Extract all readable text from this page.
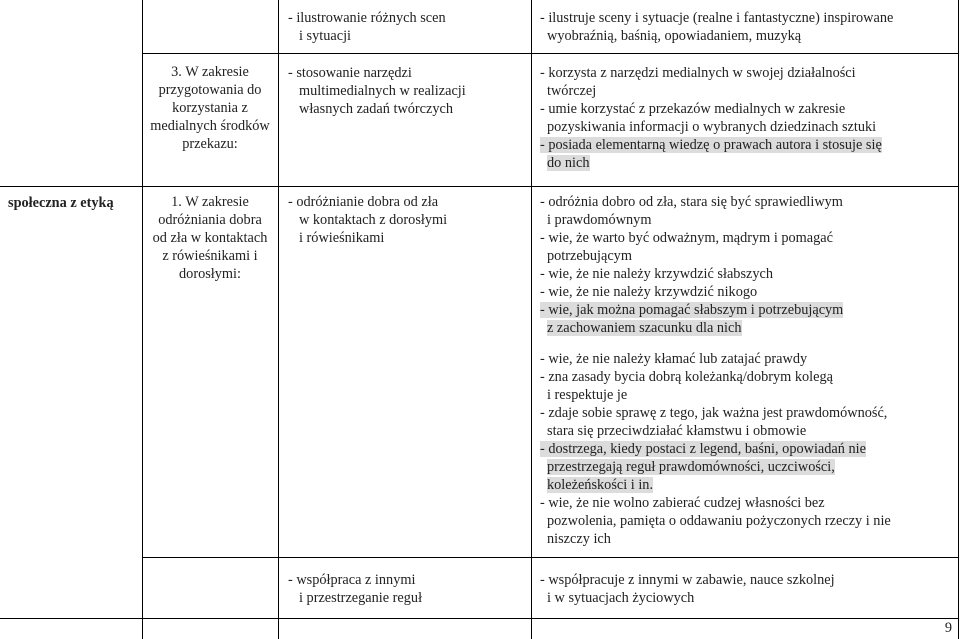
społeczna z etyką
3. W zakresie przygotowania do korzystania z medialnych środków przekazu:
1. W zakresie odróżniania dobra od zła w kontaktach z rówieśnikami i dorosłymi:
- ilustrowanie różnych scen
i sytuacji
- stosowanie narzędzi
multimedialnych w realizacji
własnych zadań twórczych
- odróżnianie dobra od zła
w kontaktach z dorosłymi
i rówieśnikami
- współpraca z innymi
i przestrzeganie reguł
- ilustruje sceny i sytuacje (realne i fantastyczne) inspirowane
wyobraźnią, baśnią, opowiadaniem, muzyką
- korzysta z narzędzi medialnych w swojej działalności
twórczej
- umie korzystać z przekazów medialnych w zakresie
pozyskiwania informacji o wybranych dziedzinach sztuki
- posiada elementarną wiedzę o prawach autora i stosuje się
do nich
- odróżnia dobro od zła, stara się być sprawiedliwym
i prawdomównym
- wie, że warto być odważnym, mądrym i pomagać
potrzebującym
- wie, że nie należy krzywdzić słabszych
- wie, że nie należy krzywdzić nikogo
- wie, jak można pomagać słabszym i potrzebującym
z zachowaniem szacunku dla nich
- wie, że nie należy kłamać lub zatajać prawdy
- zna zasady bycia dobrą koleżanką/dobrym kolegą
i respektuje je
- zdaje sobie sprawę z tego, jak ważna jest prawdomówność,
stara się przeciwdziałać kłamstwu i obmowie
- dostrzega, kiedy postaci z legend, baśni, opowiadań nie
przestrzegają reguł prawdomówności, uczciwości,
koleżeńskości i in.
- wie, że nie wolno zabierać cudzej własności bez
pozwolenia, pamięta o oddawaniu pożyczonych rzeczy i nie
niszczy ich
- współpracuje z innymi w zabawie, nauce szkolnej
i w sytuacjach życiowych
9
